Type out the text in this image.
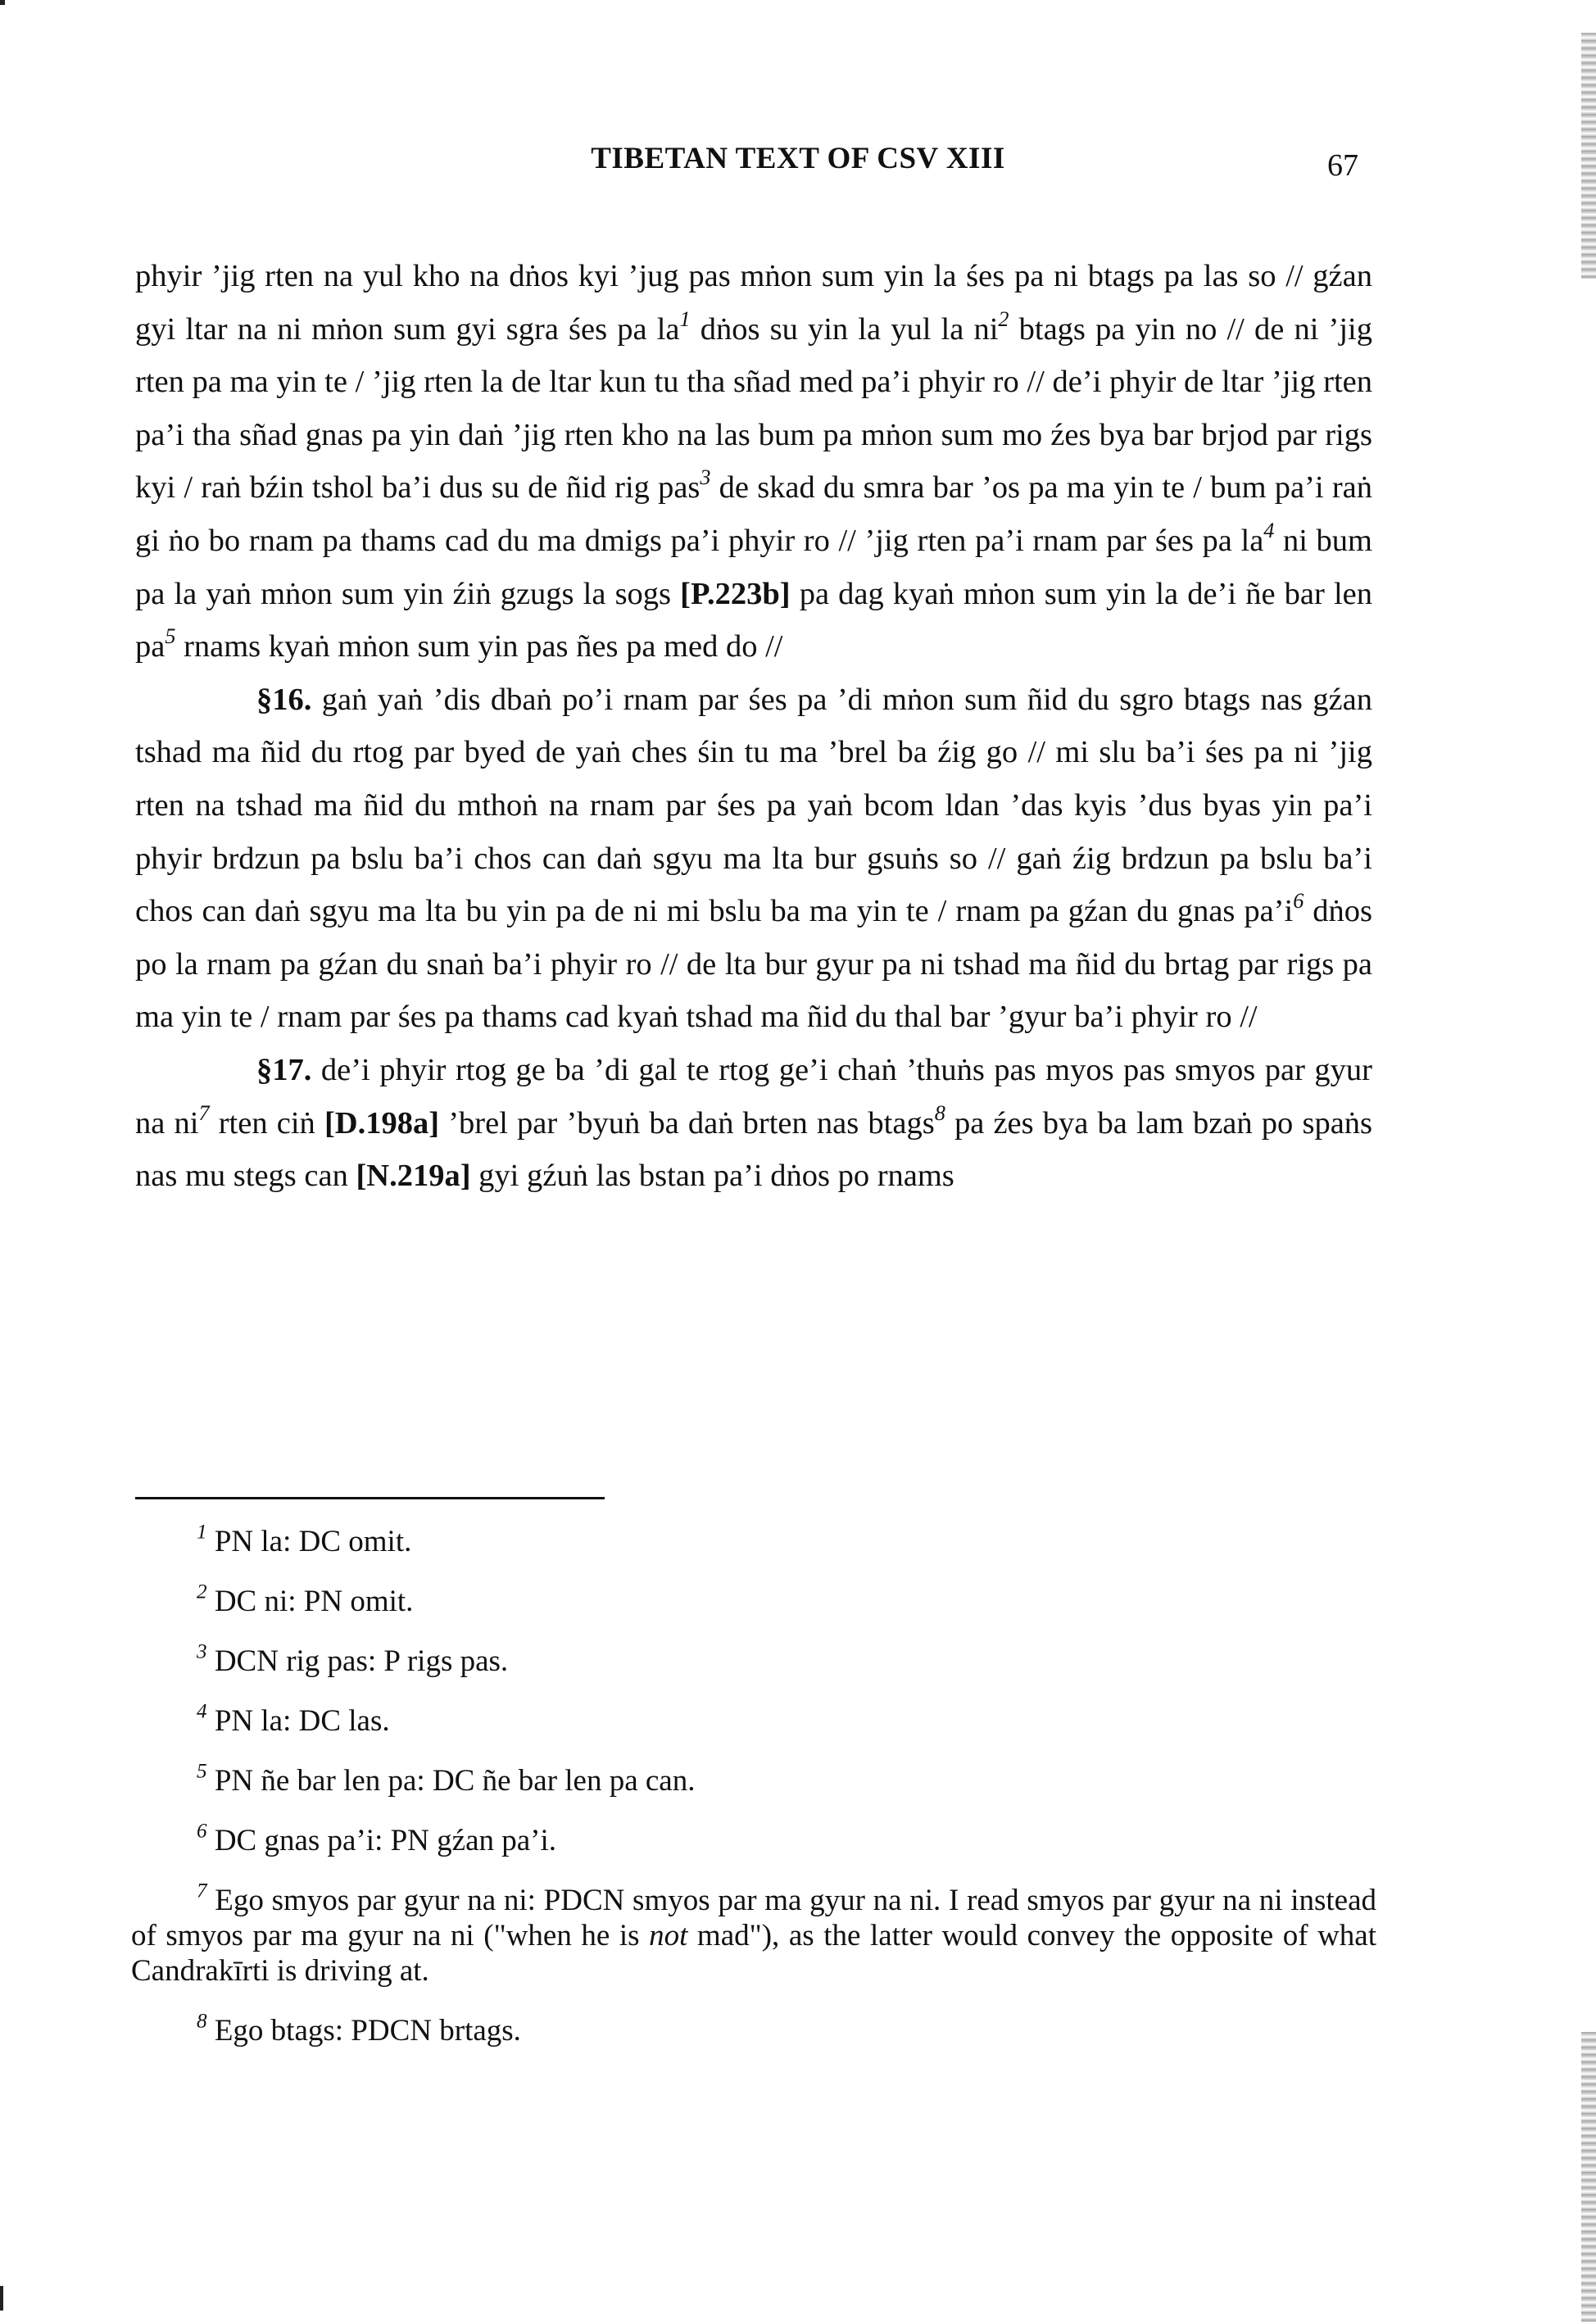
TIBETAN TEXT OF CSV XIII	67

phyir ’jig rten na yul kho na dṅos kyi ’jug pas mṅon sum yin la śes pa ni btags pa las so // gźan gyi ltar na ni mṅon sum gyi sgra śes pa $la^1$ dṅos su yin la yul la $ni^2$ btags pa yin no // de ni ’jig rten pa ma yin te / ’jig rten la de ltar kun tu tha sñad med pa’i phyir ro // de’i phyir de ltar ’jig rten pa’i tha sñad gnas pa yin daṅ ’jig rten kho na las bum pa mṅon sum mo źes bya bar brjod par rigs kyi / raṅ bźin tshol ba’i dus su de ñid rig pas$^3$ de skad du smra bar ’os pa ma yin te / bum pa’i raṅ gi ṅo bo rnam pa thams cad du ma dmigs pa’i phyir ro // ’jig rten pa’i rnam par śes pa $la^4$ ni bum pa la yaṅ mṅon sum yin źiṅ gzugs la sogs [P.223b] pa dag kyaṅ mṅon sum yin la de’i ñe bar len $pa^5$ rnams kyaṅ mṅon sum yin pas ñes pa med do //

§16. gaṅ yaṅ ’dis dbaṅ po’i rnam par śes pa ’di mṅon sum ñid du sgro btags nas gźan tshad ma ñid du rtog par byed de yaṅ ches śin tu ma ’brel ba źig go // mi slu ba’i śes pa ni ’jig rten na tshad ma ñid du mthoṅ na rnam par śes pa yaṅ bcom ldan ’das kyis ’dus byas yin pa’i phyir brdzun pa bslu ba’i chos can daṅ sgyu ma lta bur gsuṅs so // gaṅ źig brdzun pa bslu ba’i chos can daṅ sgyu ma lta bu yin pa de ni mi bslu ba ma yin te / rnam pa gźan du gnas $pa’i^6$ dṅos po la rnam pa gźan du snaṅ ba’i phyir ro // de lta bur gyur pa ni tshad ma ñid du brtag par rigs pa ma yin te / rnam par śes pa thams cad kyaṅ tshad ma ñid du thal bar ’gyur ba’i phyir ro //

§17. de’i phyir rtog ge ba ’di gal te rtog ge’i chaṅ ’thuṅs pas myos pas smyos par gyur na $ni^7$ rten ciṅ [D.198a] ’brel par ’byuṅ ba daṅ brten nas btags$^8$ pa źes bya ba lam bzaṅ po spaṅs nas mu stegs can [N.219a] gyi gźuṅ las bstan pa’i dṅos po rnams

$^1$ PN la: DC omit.

$^2$ DC ni: PN omit.

$^3$ DCN rig pas: P rigs pas.

$^4$ PN la: DC las.

$^5$ PN ñe bar len pa: DC ñe bar len pa can.

$^6$ DC gnas pa’i: PN gźan pa’i.

$^7$ Ego smyos par gyur na ni: PDCN smyos par ma gyur na ni. I read smyos par gyur na ni instead of smyos par ma gyur na ni ("when he is not mad"), as the latter would convey the opposite of what Candrakīrti is driving at.

$^8$ Ego btags: PDCN brtags.
